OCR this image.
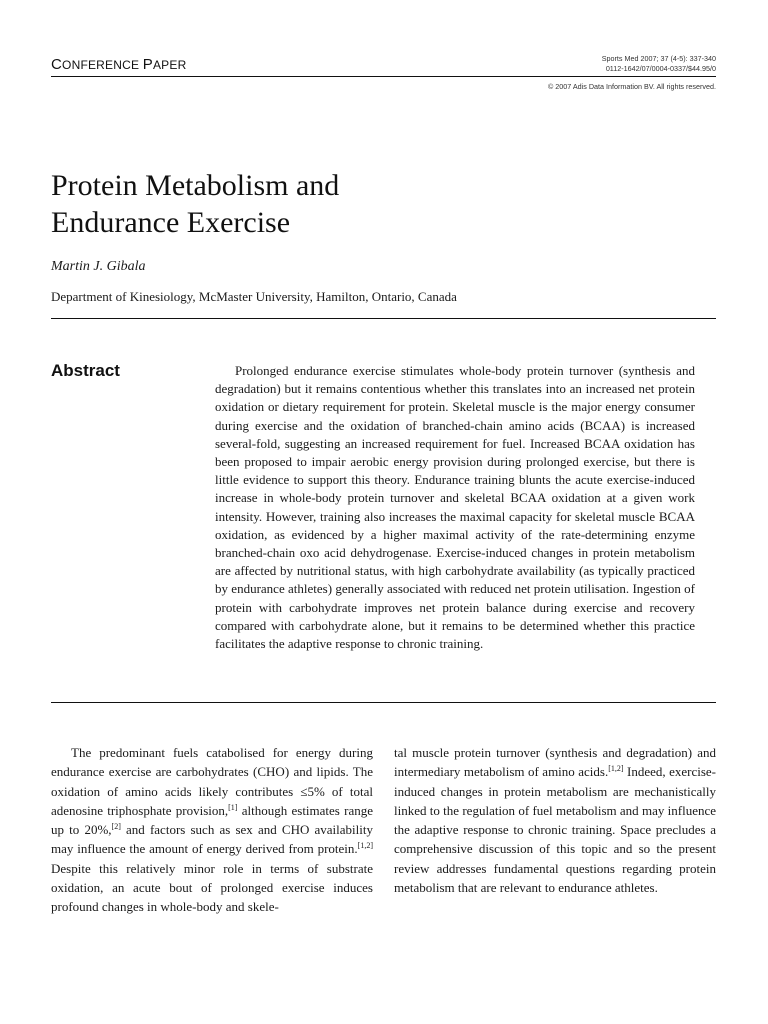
CONFERENCE PAPER	Sports Med 2007; 37 (4-5): 337-340
0112-1642/07/0004-0337/$44.95/0
© 2007 Adis Data Information BV. All rights reserved.
Protein Metabolism and
Endurance Exercise
Martin J. Gibala
Department of Kinesiology, McMaster University, Hamilton, Ontario, Canada
Abstract	Prolonged endurance exercise stimulates whole-body protein turnover (synthesis and degradation) but it remains contentious whether this translates into an increased net protein oxidation or dietary requirement for protein. Skeletal muscle is the major energy consumer during exercise and the oxidation of branched-chain amino acids (BCAA) is increased several-fold, suggesting an increased requirement for fuel. Increased BCAA oxidation has been proposed to impair aerobic energy provision during prolonged exercise, but there is little evidence to support this theory. Endurance training blunts the acute exercise-induced increase in whole-body protein turnover and skeletal BCAA oxidation at a given work intensity. However, training also increases the maximal capacity for skeletal muscle BCAA oxidation, as evidenced by a higher maximal activity of the rate-determining enzyme branched-chain oxo acid dehydrogenase. Exercise-induced changes in protein metabolism are affected by nutritional status, with high carbohydrate availability (as typically practiced by endurance athletes) generally associated with reduced net protein utilisation. Ingestion of protein with carbohydrate improves net protein balance during exercise and recovery compared with carbohydrate alone, but it remains to be determined whether this practice facilitates the adaptive response to chronic training.

The predominant fuels catabolised for energy during endurance exercise are carbohydrates (CHO) and lipids. The oxidation of amino acids likely contributes ≤5% of total adenosine triphosphate provision,[1] although estimates range up to 20%,[2] and factors such as sex and CHO availability may influence the amount of energy derived from protein.[1,2] Despite this relatively minor role in terms of substrate oxidation, an acute bout of prolonged exercise induces profound changes in whole-body and skele-

tal muscle protein turnover (synthesis and degradation) and intermediary metabolism of amino acids.[1,2] Indeed, exercise-induced changes in protein metabolism are mechanistically linked to the regulation of fuel metabolism and may influence the adaptive response to chronic training. Space precludes a comprehensive discussion of this topic and so the present review addresses fundamental questions regarding protein metabolism that are relevant to endurance athletes.
